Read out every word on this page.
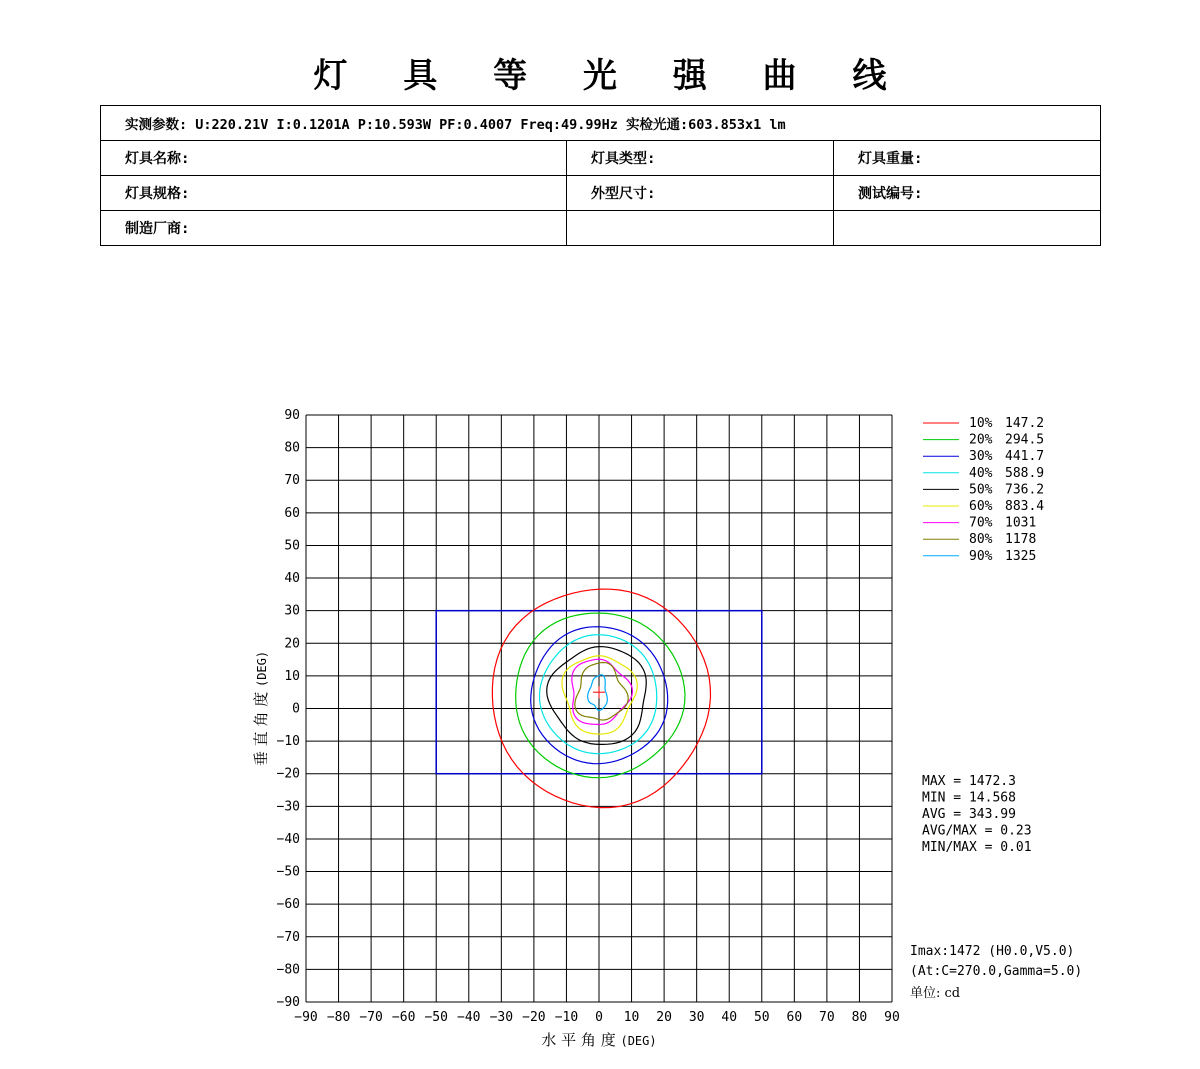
灯 具 等 光 强 曲 线
实测参数: U:220.21V I:0.1201A P:10.593W PF:0.4007 Freq:49.99Hz 实检光通:603.853x1 lm		
灯具名称:	灯具类型:	灯具重量:
灯具规格:	外型尺寸:	测试编号:
制造厂商:		
−90 −80 −70 −60 −50 −40 −30 −20 −10 0 10 20 30 40 50 60 70 80 90
90
80
70
60
50
40
30
20
10
0
−10
−20
−30
−40
−50
−60
−70
−80
−90
水 平 角 度 (DEG)
垂 直 角 度 (DEG)
10% 147.2
20% 294.5
30% 441.7
40% 588.9
50% 736.2
60% 883.4
70% 1031
80% 1178
90% 1325
MAX = 1472.3
MIN = 14.568
AVG = 343.99
AVG/MAX = 0.23
MIN/MAX = 0.01
Imax:1472 (H0.0,V5.0)
(At:C=270.0,Gamma=5.0)
单位: cd
